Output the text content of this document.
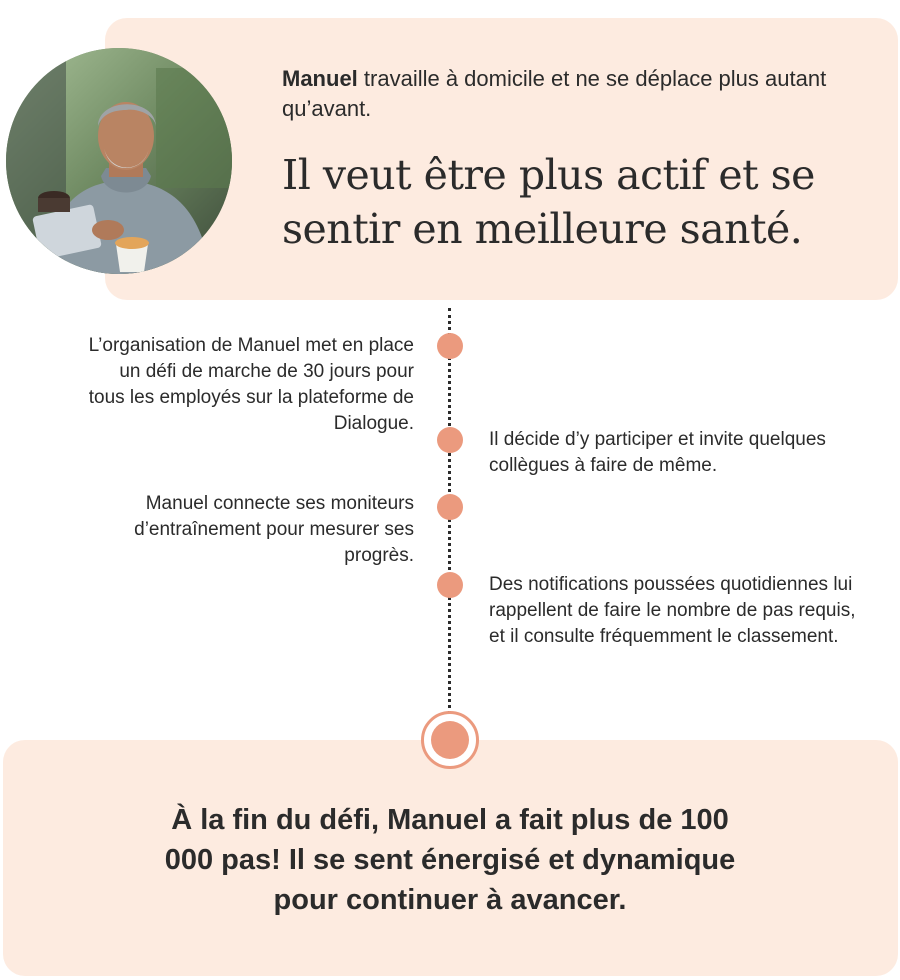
Manuel travaille à domicile et ne se déplace plus autant qu’avant.
Il veut être plus actif et se sentir en meilleure santé.
L’organisation de Manuel met en place un défi de marche de 30 jours pour tous les employés sur la plateforme de Dialogue.
Il décide d’y participer et invite quelques collègues à faire de même.
Manuel connecte ses moniteurs d’entraînement pour mesurer ses progrès.
Des notifications poussées quotidiennes lui rappellent de faire le nombre de pas requis, et il consulte fréquemment le classement.
À la fin du défi, Manuel a fait plus de 100 000 pas! Il se sent énergisé et dynamique pour continuer à avancer.
